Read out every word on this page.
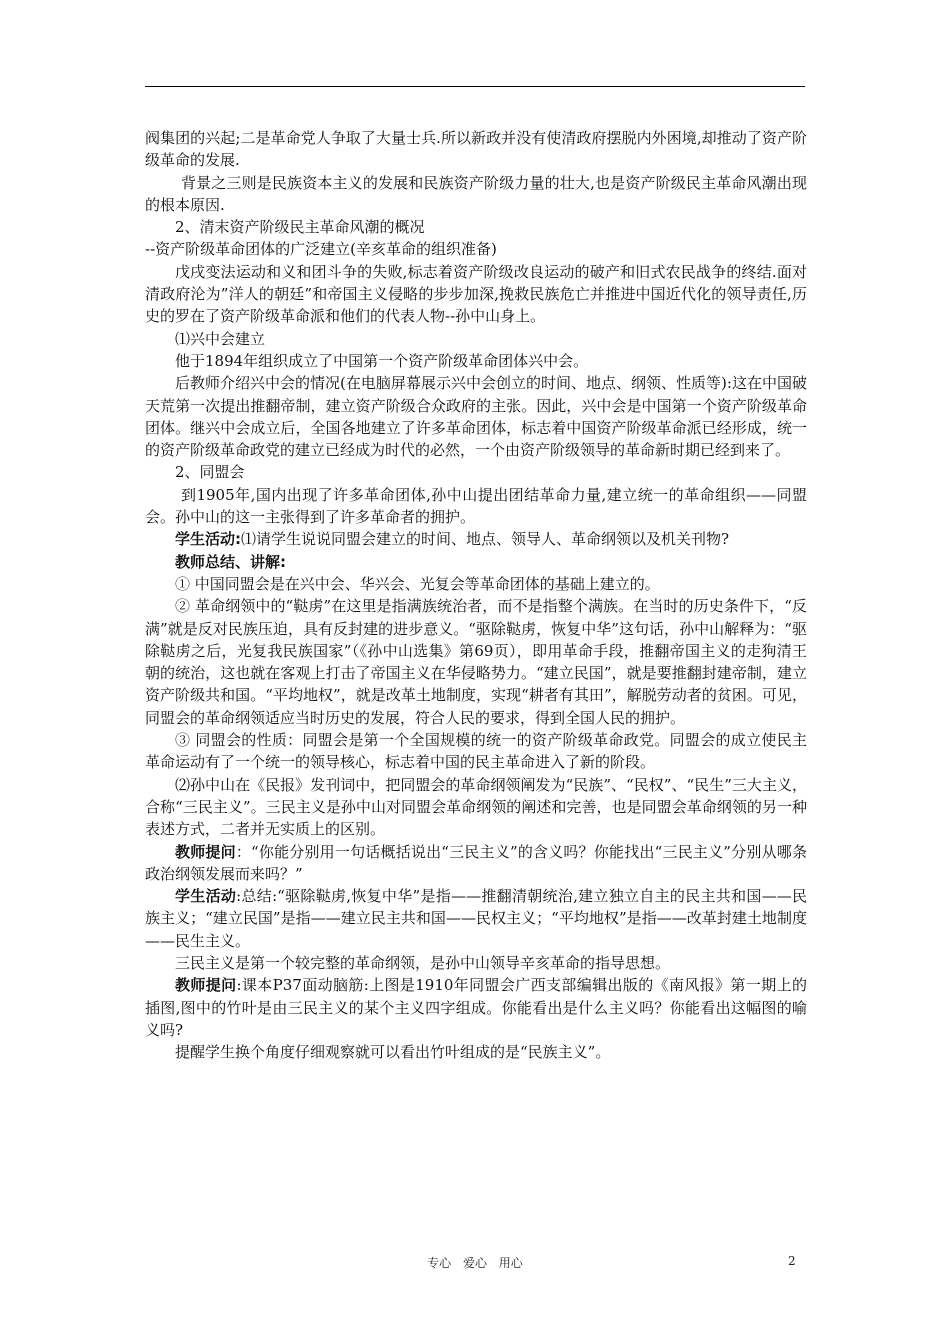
阀集团的兴起;二是革命党人争取了大量士兵.所以新政并没有使清政府摆脱内外困境,却推动了资产阶级革命的发展.

背景之三则是民族资本主义的发展和民族资产阶级力量的壮大,也是资产阶级民主革命风潮出现的根本原因.

2、清末资产阶级民主革命风潮的概况

--资产阶级革命团体的广泛建立(辛亥革命的组织准备)

戊戌变法运动和义和团斗争的失败,标志着资产阶级改良运动的破产和旧式农民战争的终结.面对清政府沦为”洋人的朝廷”和帝国主义侵略的步步加深,挽救民族危亡并推进中国近代化的领导责任,历史的罗在了资产阶级革命派和他们的代表人物--孙中山身上。

⑴兴中会建立

他于1894年组织成立了中国第一个资产阶级革命团体兴中会。

后教师介绍兴中会的情况(在电脑屏幕展示兴中会创立的时间、地点、纲领、性质等):这在中国破天荒第一次提出推翻帝制，建立资产阶级合众政府的主张。因此，兴中会是中国第一个资产阶级革命团体。继兴中会成立后，全国各地建立了许多革命团体，标志着中国资产阶级革命派已经形成，统一的资产阶级革命政党的建立已经成为时代的必然，一个由资产阶级领导的革命新时期已经到来了。

2、同盟会

到1905年,国内出现了许多革命团体,孙中山提出团结革命力量,建立统一的革命组织——同盟会。孙中山的这一主张得到了许多革命者的拥护。

学生活动:⑴请学生说说同盟会建立的时间、地点、领导人、革命纲领以及机关刊物?

教师总结、讲解:

① 中国同盟会是在兴中会、华兴会、光复会等革命团体的基础上建立的。

② 革命纲领中的“鞑虏”在这里是指满族统治者，而不是指整个满族。在当时的历史条件下，“反满”就是反对民族压迫，具有反封建的进步意义。“驱除鞑虏，恢复中华”这句话，孙中山解释为：“驱除鞑虏之后，光复我民族国家”（《孙中山选集》第69页），即用革命手段，推翻帝国主义的走狗清王朝的统治，这也就在客观上打击了帝国主义在华侵略势力。“建立民国”，就是要推翻封建帝制，建立资产阶级共和国。“平均地权”，就是改革土地制度，实现“耕者有其田”，解脱劳动者的贫困。可见，同盟会的革命纲领适应当时历史的发展，符合人民的要求，得到全国人民的拥护。

③ 同盟会的性质：同盟会是第一个全国规模的统一的资产阶级革命政党。同盟会的成立使民主革命运动有了一个统一的领导核心，标志着中国的民主革命进入了新的阶段。

⑵孙中山在《民报》发刊词中，把同盟会的革命纲领阐发为“民族”、“民权”、“民生”三大主义，合称“三民主义”。三民主义是孙中山对同盟会革命纲领的阐述和完善，也是同盟会革命纲领的另一种表述方式，二者并无实质上的区别。

教师提问：“你能分别用一句话概括说出“三民主义”的含义吗？你能找出“三民主义”分别从哪条政治纲领发展而来吗？”

学生活动:总结:“驱除鞑虏,恢复中华”是指——推翻清朝统治,建立独立自主的民主共和国——民族主义；“建立民国”是指——建立民主共和国——民权主义；“平均地权”是指——改革封建土地制度——民生主义。

三民主义是第一个较完整的革命纲领，是孙中山领导辛亥革命的指导思想。

教师提问:课本P37面动脑筋:上图是1910年同盟会广西支部编辑出版的《南风报》第一期上的插图,图中的竹叶是由三民主义的某个主义四字组成。你能看出是什么主义吗？你能看出这幅图的喻义吗?

提醒学生换个角度仔细观察就可以看出竹叶组成的是“民族主义”。

专心 爱心 用心	2
